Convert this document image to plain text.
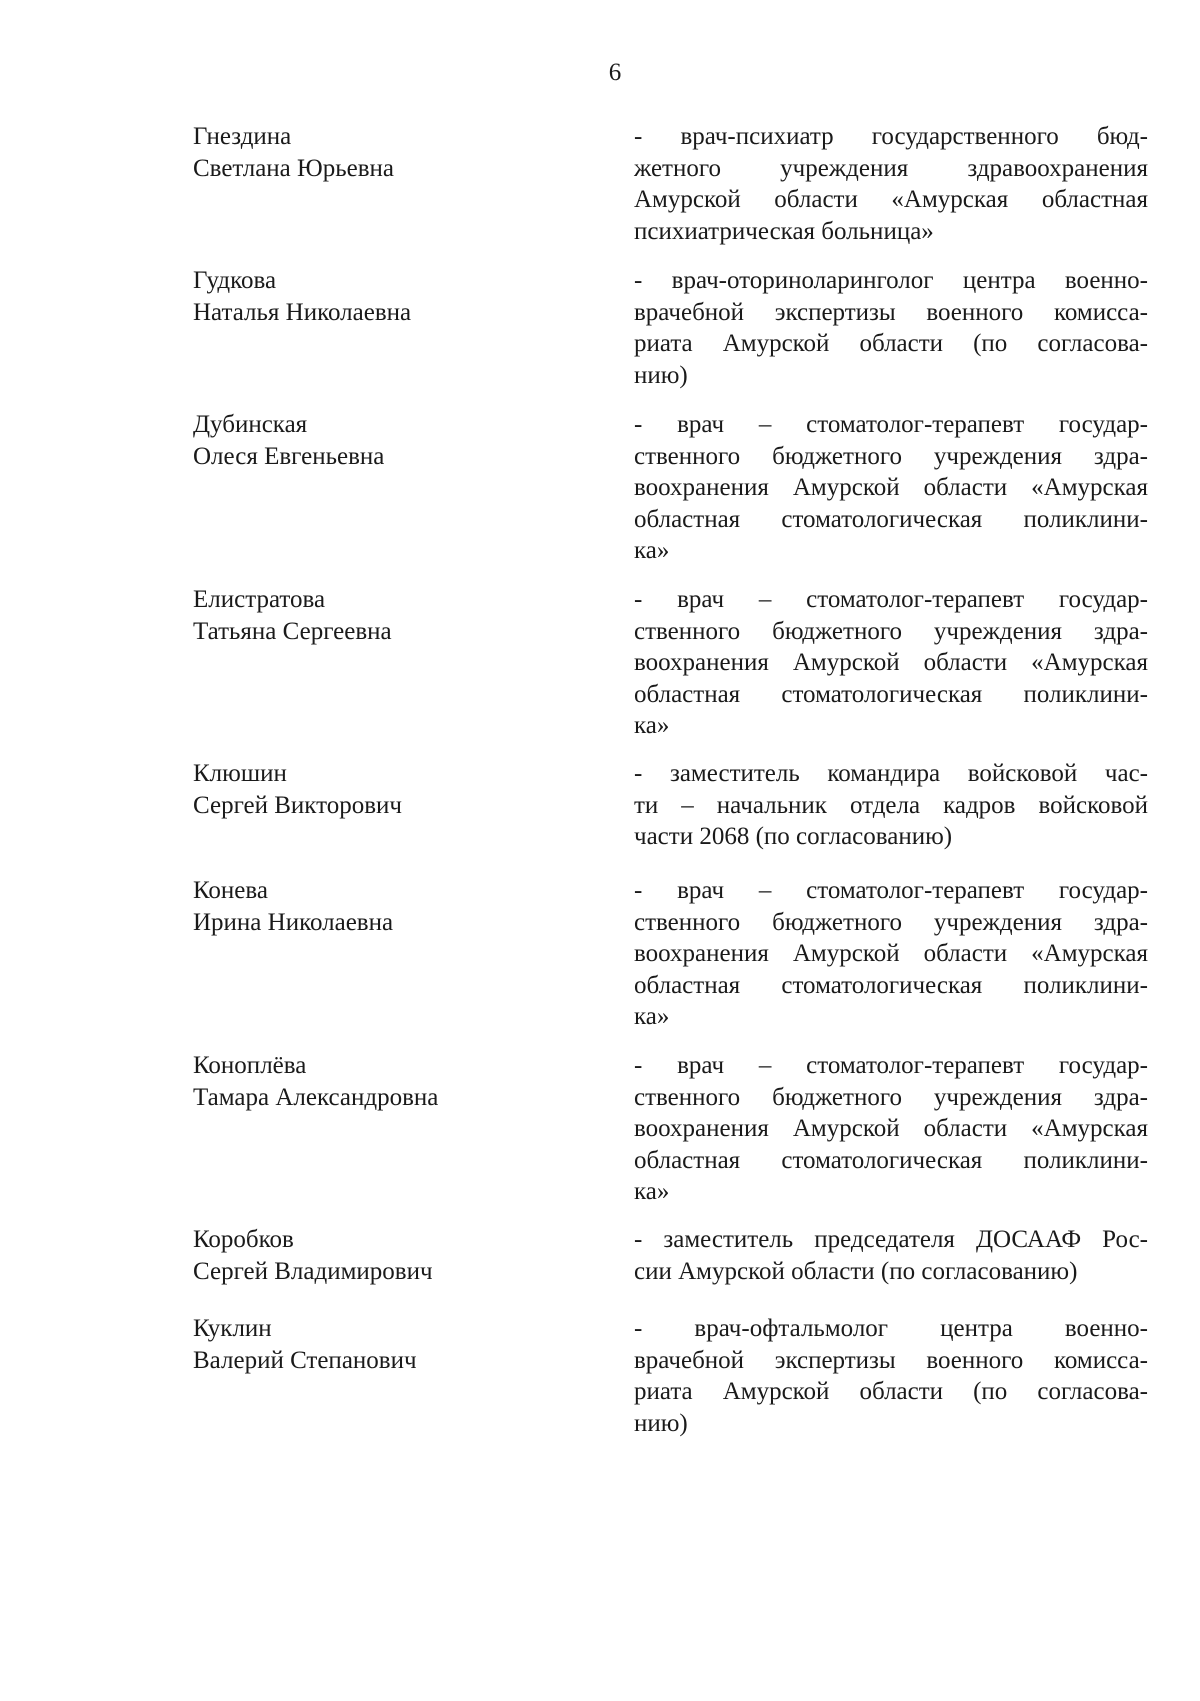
6
Гнездина
Светлана Юрьевна
- врач-психиатр государственного бюд-
жетного учреждения здравоохранения
Амурской области «Амурская областная
психиатрическая больница»
Гудкова
Наталья Николаевна
- врач-оториноларинголог центра военно-
врачебной экспертизы военного комисса-
риата Амурской области (по согласова-
нию)
Дубинская
Олеся Евгеньевна
- врач – стоматолог-терапевт государ-
ственного бюджетного учреждения здра-
воохранения Амурской области «Амурская
областная стоматологическая поликлини-
ка»
Елистратова
Татьяна Сергеевна
- врач – стоматолог-терапевт государ-
ственного бюджетного учреждения здра-
воохранения Амурской области «Амурская
областная стоматологическая поликлини-
ка»
Клюшин
Сергей Викторович
- заместитель командира войсковой час-
ти – начальник отдела кадров войсковой
части 2068 (по согласованию)
Конева
Ирина Николаевна
- врач – стоматолог-терапевт государ-
ственного бюджетного учреждения здра-
воохранения Амурской области «Амурская
областная стоматологическая поликлини-
ка»
Коноплёва
Тамара Александровна
- врач – стоматолог-терапевт государ-
ственного бюджетного учреждения здра-
воохранения Амурской области «Амурская
областная стоматологическая поликлини-
ка»
Коробков
Сергей Владимирович
- заместитель председателя ДОСААФ Рос-
сии Амурской области (по согласованию)
Куклин
Валерий Степанович
- врач-офтальмолог центра военно-
врачебной экспертизы военного комисса-
риата Амурской области (по согласова-
нию)
